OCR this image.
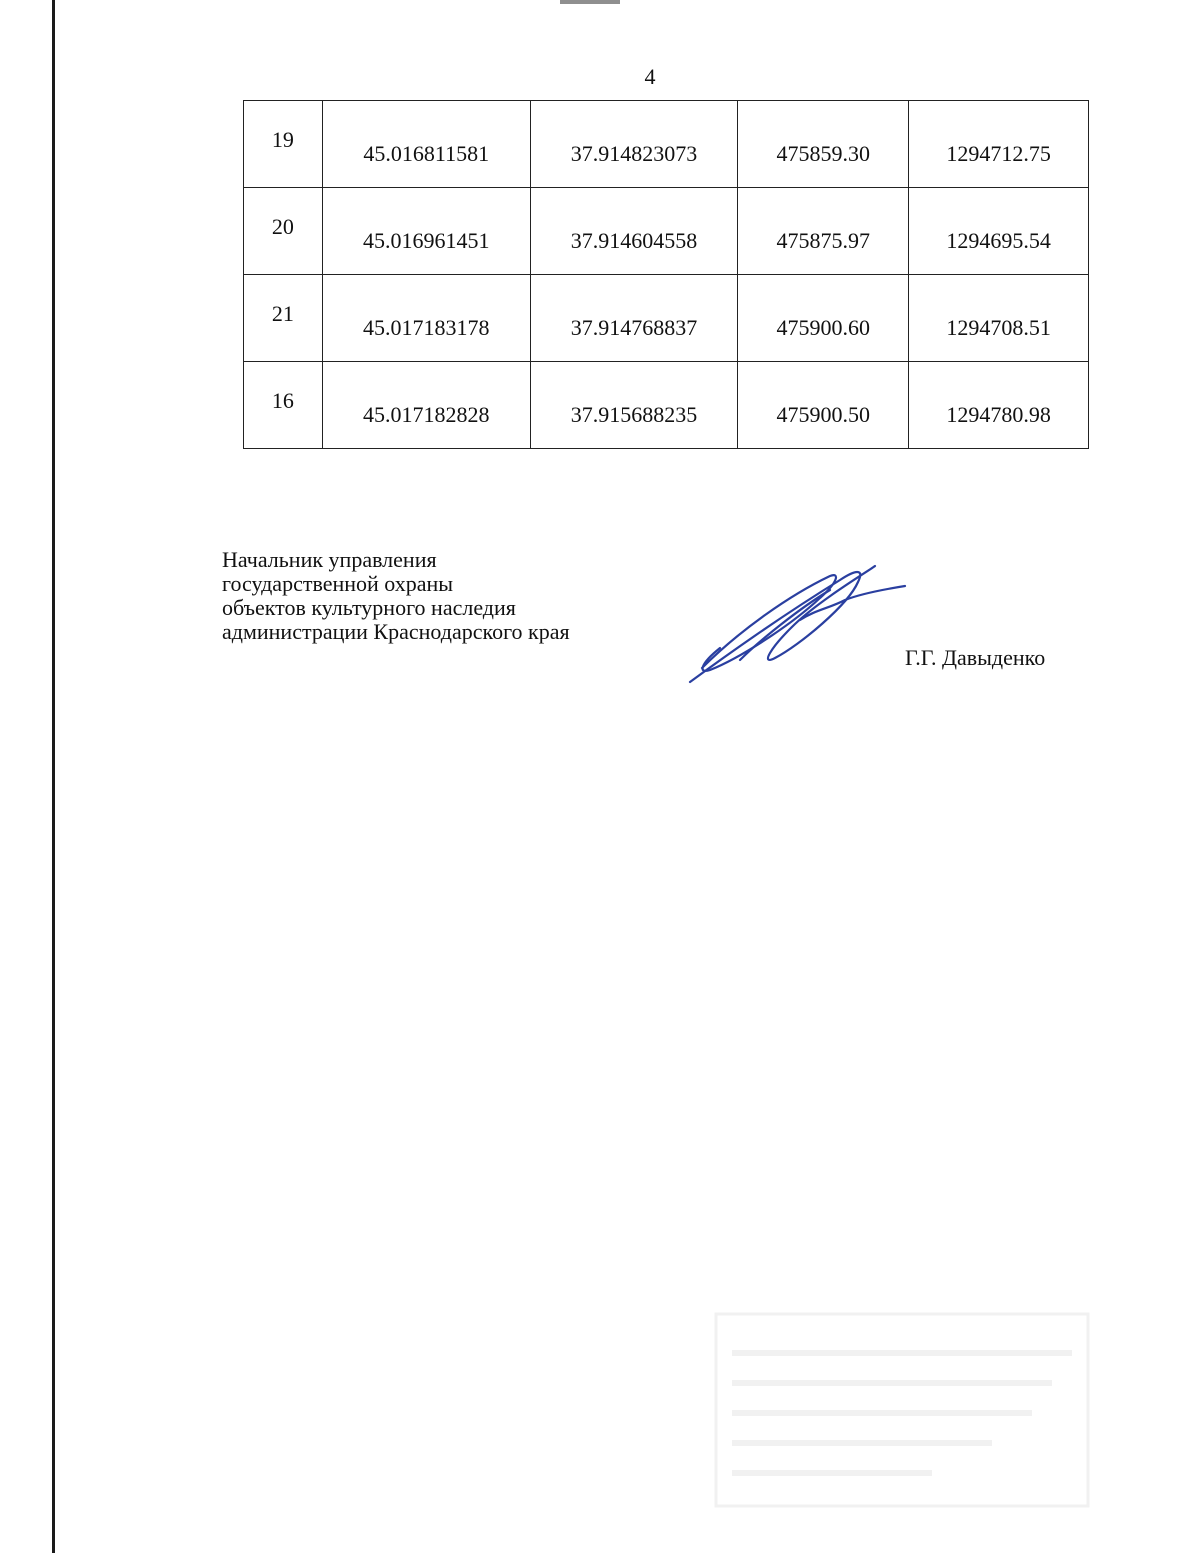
4
19	45.016811581	37.914823073	475859.30	1294712.75
20	45.016961451	37.914604558	475875.97	1294695.54
21	45.017183178	37.914768837	475900.60	1294708.51
16	45.017182828	37.915688235	475900.50	1294780.98
Начальник управления
государственной охраны
объектов культурного наследия
администрации Краснодарского края
Г.Г. Давыденко
